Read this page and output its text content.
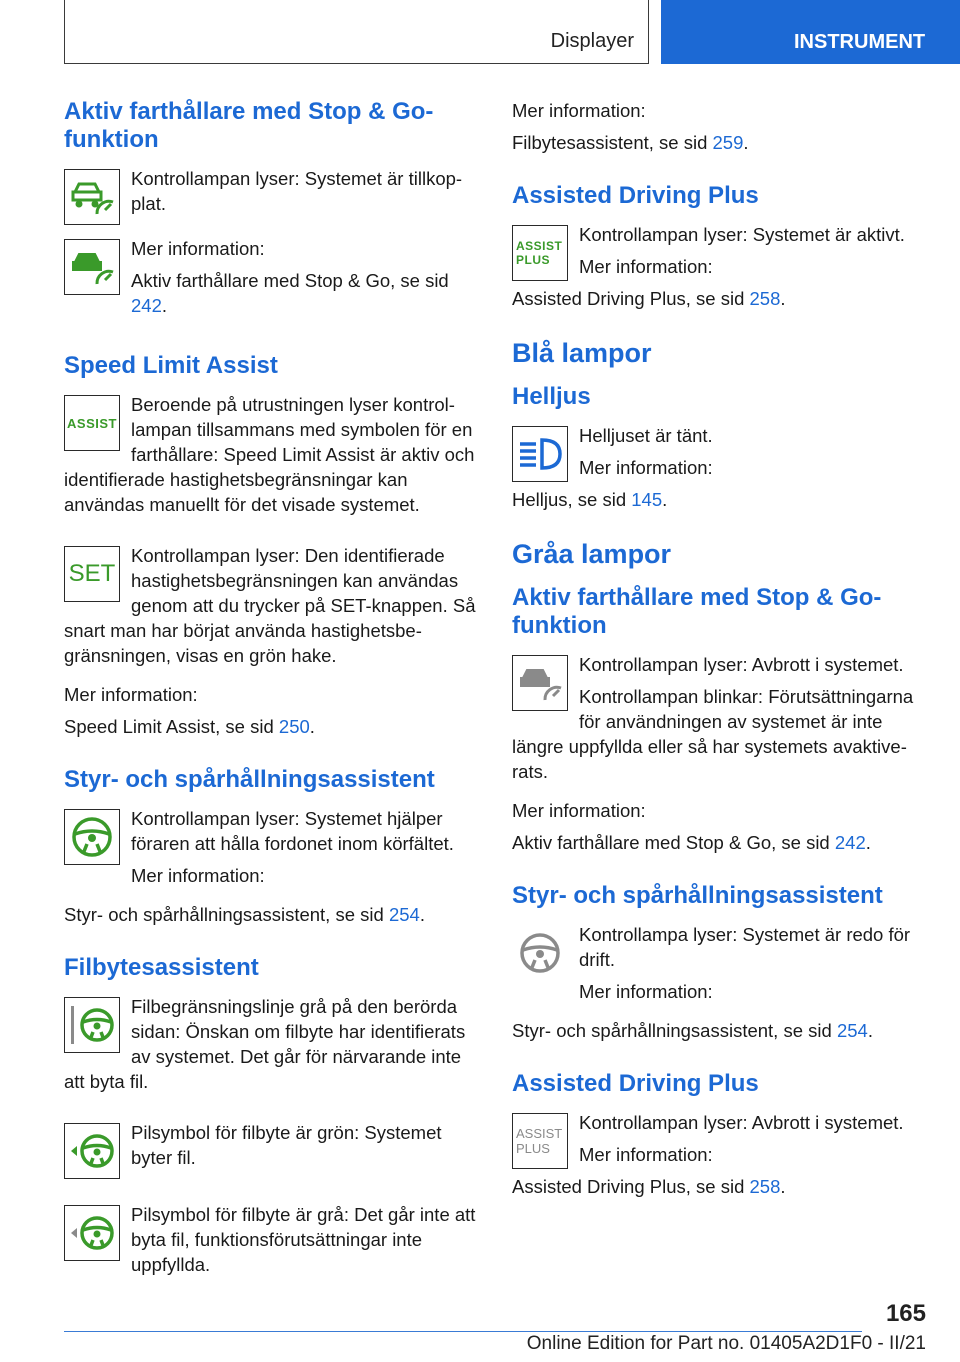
Displayer	INSTRUMENT
Aktiv farthållare med Stop & Go-funktion

Kontrollampan lyser: Systemet är tillkop-plat.

Mer information:

Aktiv farthållare med Stop & Go, se sid 242.

Speed Limit Assist
ASSIST

Beroende på utrustningen lyser kontrol-lampan tillsammans med symbolen för en farthållare: Speed Limit Assist är aktiv och identifierade hastighetsbegränsningar kan användas manuellt för det visade systemet.

SET

Kontrollampan lyser: Den identifierade hastighetsbegränsningen kan användas genom att du trycker på SET-knappen. Så snart man har börjat använda hastighetsbe-gränsningen, visas en grön hake.

Mer information:

Speed Limit Assist, se sid 250.

Styr- och spårhållningsassistent

Kontrollampan lyser: Systemet hjälper föraren att hålla fordonet inom körfältet.

Mer information:

Styr- och spårhållningsassistent, se sid 254.

Filbytesassistent

Filbegränsningslinje grå på den berörda sidan: Önskan om filbyte har identifierats av systemet. Det går för närvarande inte att byta fil.

Pilsymbol för filbyte är grön: Systemet byter fil.

Pilsymbol för filbyte är grå: Det går inte att byta fil, funktionsförutsättningar inte uppfyllda.

Mer information:

Filbytesassistent, se sid 259.

Assisted Driving Plus
ASSIST
PLUS

Kontrollampan lyser: Systemet är aktivt.

Mer information:

Assisted Driving Plus, se sid 258.

Blå lampor
Helljus

Helljuset är tänt.

Mer information:

Helljus, se sid 145.

Gråa lampor
Aktiv farthållare med Stop & Go-funktion

Kontrollampan lyser: Avbrott i systemet.

Kontrollampan blinkar: Förutsättningarna för användningen av systemet är inte längre uppfyllda eller så har systemets avaktive-rats.

Mer information:

Aktiv farthållare med Stop & Go, se sid 242.

Styr- och spårhållningsassistent

Kontrollampa lyser: Systemet är redo för drift.

Mer information:

Styr- och spårhållningsassistent, se sid 254.

Assisted Driving Plus
ASSIST
PLUS

Kontrollampan lyser: Avbrott i systemet.

Mer information:

Assisted Driving Plus, se sid 258.

165
Online Edition for Part no. 01405A2D1F0 - II/21
